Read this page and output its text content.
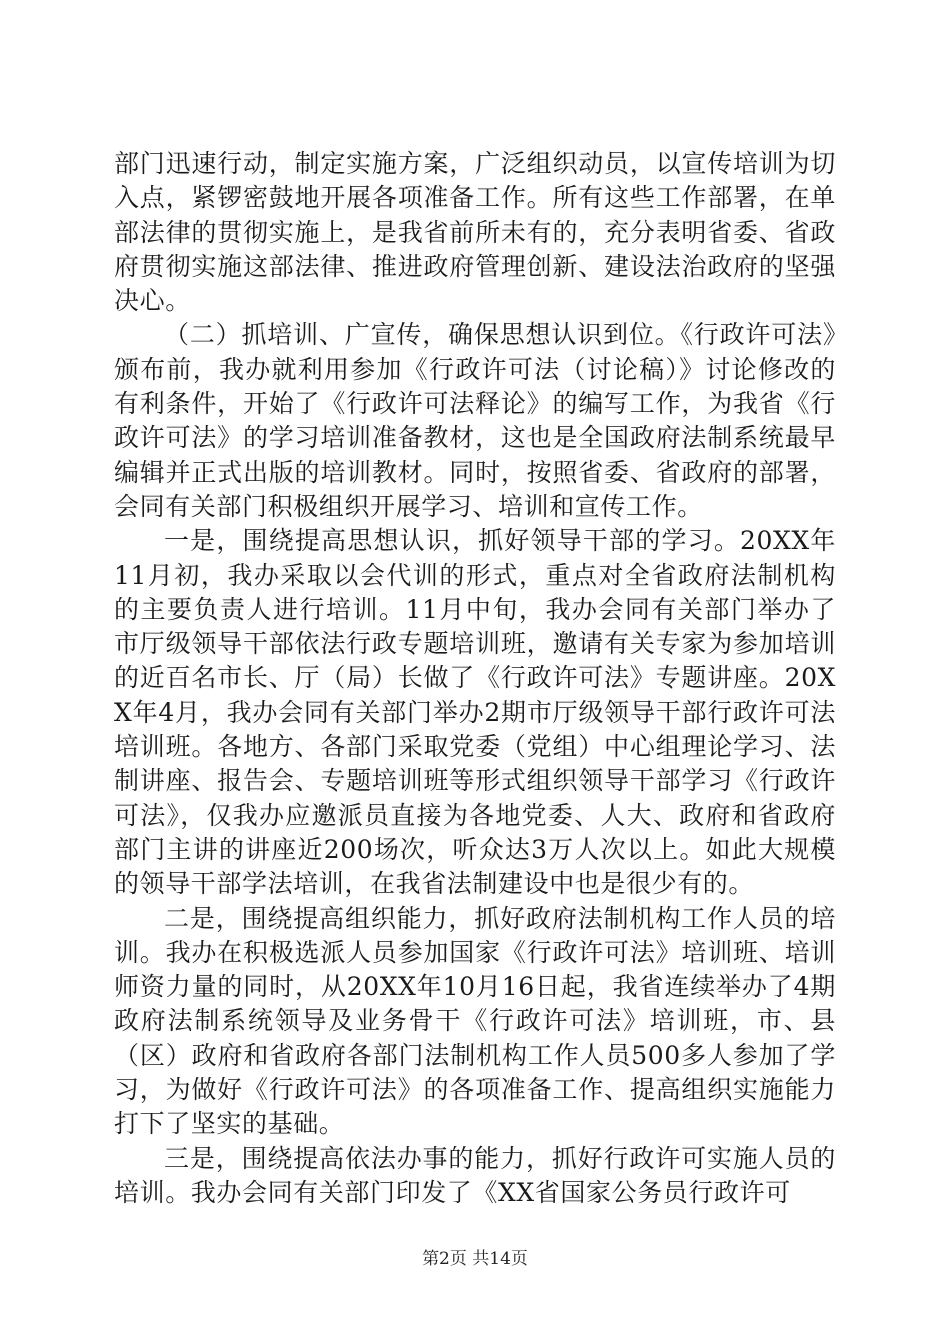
部门迅速行动，制定实施方案，广泛组织动员，以宣传培训为切入点，紧锣密鼓地开展各项准备工作。所有这些工作部署，在单部法律的贯彻实施上，是我省前所未有的，充分表明省委、省政府贯彻实施这部法律、推进政府管理创新、建设法治政府的坚强决心。

（二）抓培训、广宣传，确保思想认识到位。《行政许可法》颁布前，我办就利用参加《行政许可法（讨论稿）》讨论修改的有利条件，开始了《行政许可法释论》的编写工作，为我省《行政许可法》的学习培训准备教材，这也是全国政府法制系统最早编辑并正式出版的培训教材。同时，按照省委、省政府的部署，会同有关部门积极组织开展学习、培训和宣传工作。

一是，围绕提高思想认识，抓好领导干部的学习。20XX年11月初，我办采取以会代训的形式，重点对全省政府法制机构的主要负责人进行培训。11月中旬，我办会同有关部门举办了市厅级领导干部依法行政专题培训班，邀请有关专家为参加培训的近百名市长、厅（局）长做了《行政许可法》专题讲座。20XX年4月，我办会同有关部门举办2期市厅级领导干部行政许可法培训班。各地方、各部门采取党委（党组）中心组理论学习、法制讲座、报告会、专题培训班等形式组织领导干部学习《行政许可法》，仅我办应邀派员直接为各地党委、人大、政府和省政府部门主讲的讲座近200场次，听众达3万人次以上。如此大规模的领导干部学法培训，在我省法制建设中也是很少有的。

二是，围绕提高组织能力，抓好政府法制机构工作人员的培训。我办在积极选派人员参加国家《行政许可法》培训班、培训师资力量的同时，从20XX年10月16日起，我省连续举办了4期政府法制系统领导及业务骨干《行政许可法》培训班，市、县（区）政府和省政府各部门法制机构工作人员500多人参加了学习，为做好《行政许可法》的各项准备工作、提高组织实施能力打下了坚实的基础。

三是，围绕提高依法办事的能力，抓好行政许可实施人员的培训。我办会同有关部门印发了《XX省国家公务员行政许可

第2页 共14页
